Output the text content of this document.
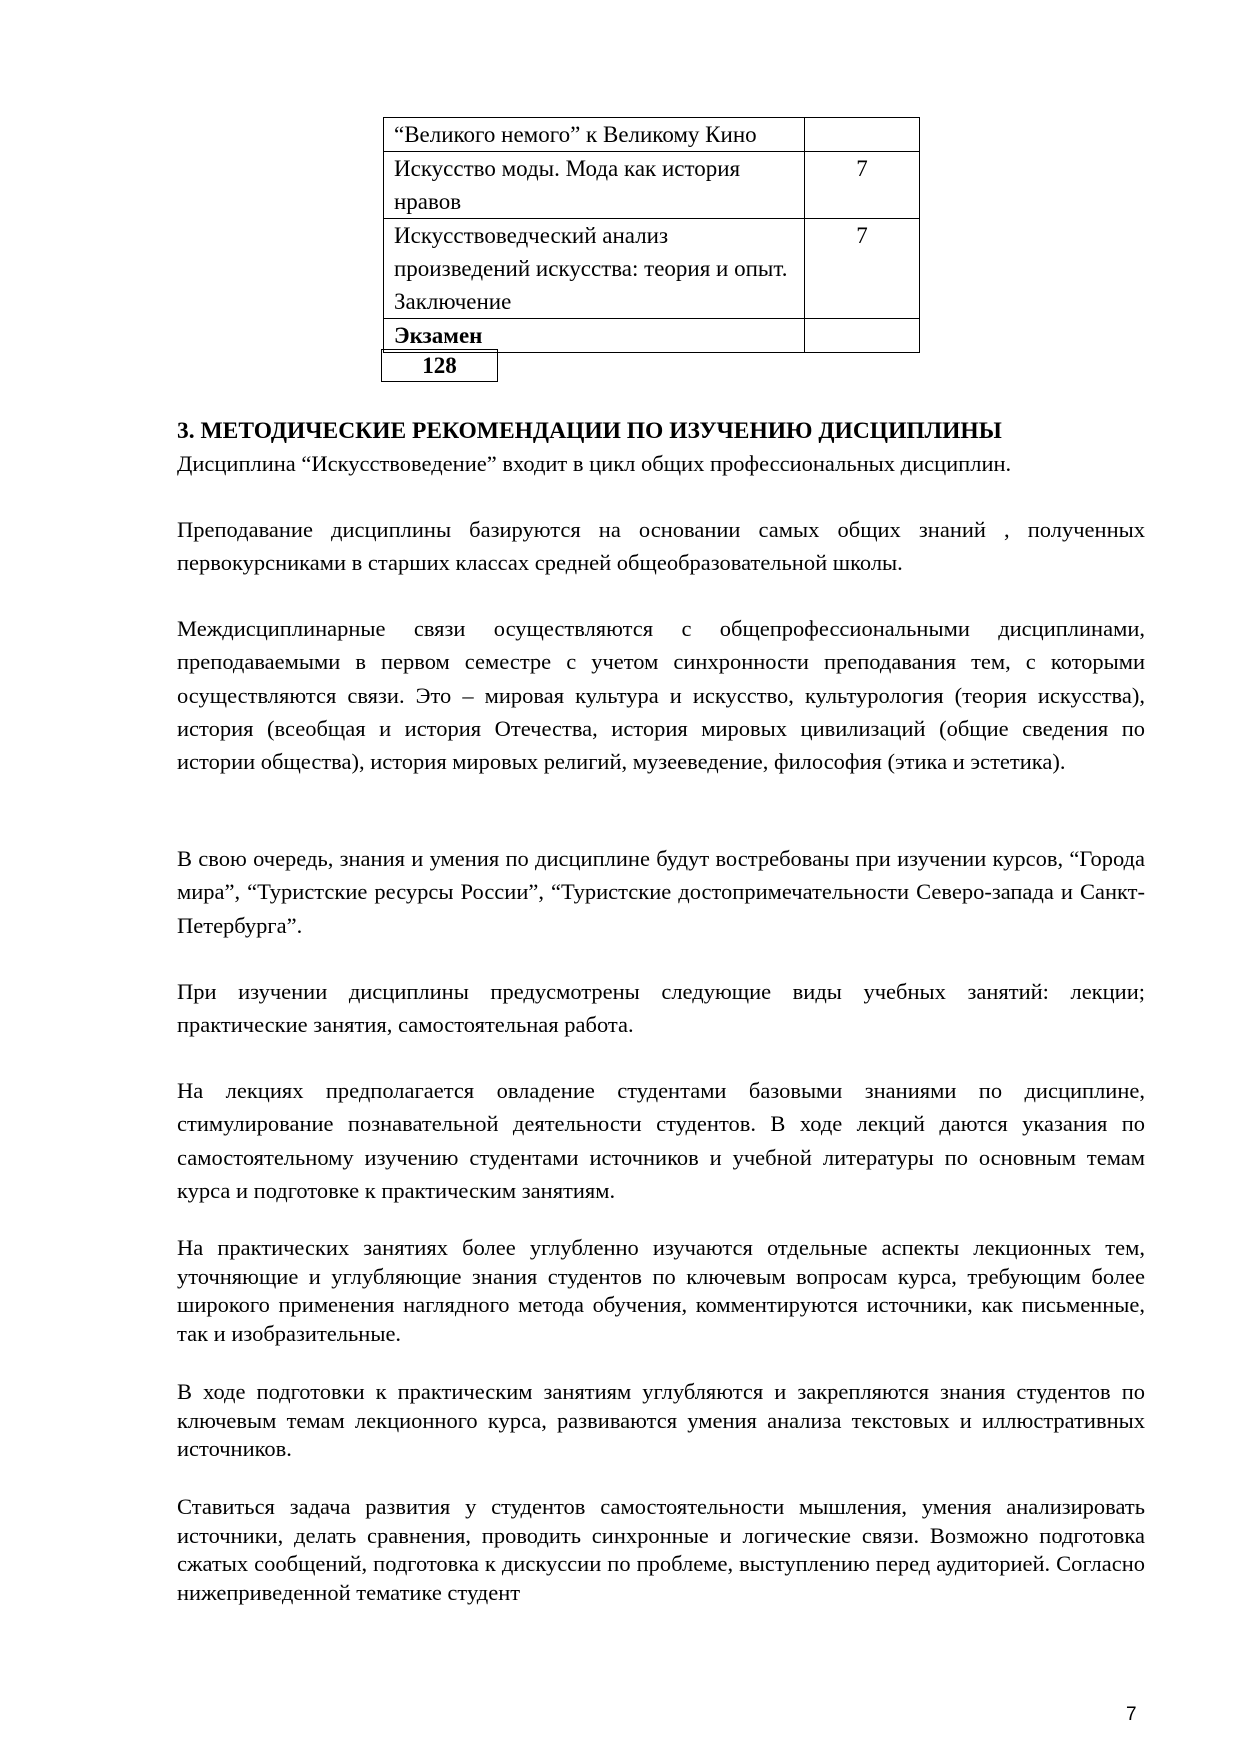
“Великого немого” к Великому Кино	
Искусство моды. Мода как история нравов	7
Искусствоведческий анализ произведений искусства: теория и опыт. Заключение	7
Экзамен	
128
3. МЕТОДИЧЕСКИЕ РЕКОМЕНДАЦИИ ПО ИЗУЧЕНИЮ ДИСЦИПЛИНЫ

Дисциплина “Искусствоведение” входит в цикл общих профессиональных дисциплин.

Преподавание дисциплины базируются на основании самых общих знаний , полученных первокурсниками в старших классах средней общеобразовательной школы.

Междисциплинарные связи осуществляются с общепрофессиональными дисциплинами, преподаваемыми в первом семестре с учетом синхронности преподавания тем, с которыми осуществляются связи. Это – мировая культура и искусство, культурология (теория искусства), история (всеобщая и история Отечества, история мировых цивилизаций (общие сведения по истории общества), история мировых религий, музееведение, философия (этика и эстетика).

В свою очередь, знания и умения по дисциплине будут востребованы при изучении курсов, “Города мира”, “Туристские ресурсы России”, “Туристские достопримечательности Северо-запада и Санкт-Петербурга”.

При изучении дисциплины предусмотрены следующие виды учебных занятий: лекции; практические занятия, самостоятельная работа.

На лекциях предполагается овладение студентами базовыми знаниями по дисциплине, стимулирование познавательной деятельности студентов. В ходе лекций даются указания по самостоятельному изучению студентами источников и учебной литературы по основным темам курса и подготовке к практическим занятиям.

На практических занятиях более углубленно изучаются отдельные аспекты лекционных тем, уточняющие и углубляющие знания студентов по ключевым вопросам курса, требующим более широкого применения наглядного метода обучения, комментируются источники, как письменные, так и изобразительные.

В ходе подготовки к практическим занятиям углубляются и закрепляются знания студентов по ключевым темам лекционного курса, развиваются умения анализа текстовых и иллюстративных источников.

Ставиться задача развития у студентов самостоятельности мышления, умения анализировать источники, делать сравнения, проводить синхронные и логические связи. Возможно подготовка сжатых сообщений, подготовка к дискуссии по проблеме, выступлению перед аудиторией. Согласно нижеприведенной тематике студент

7
